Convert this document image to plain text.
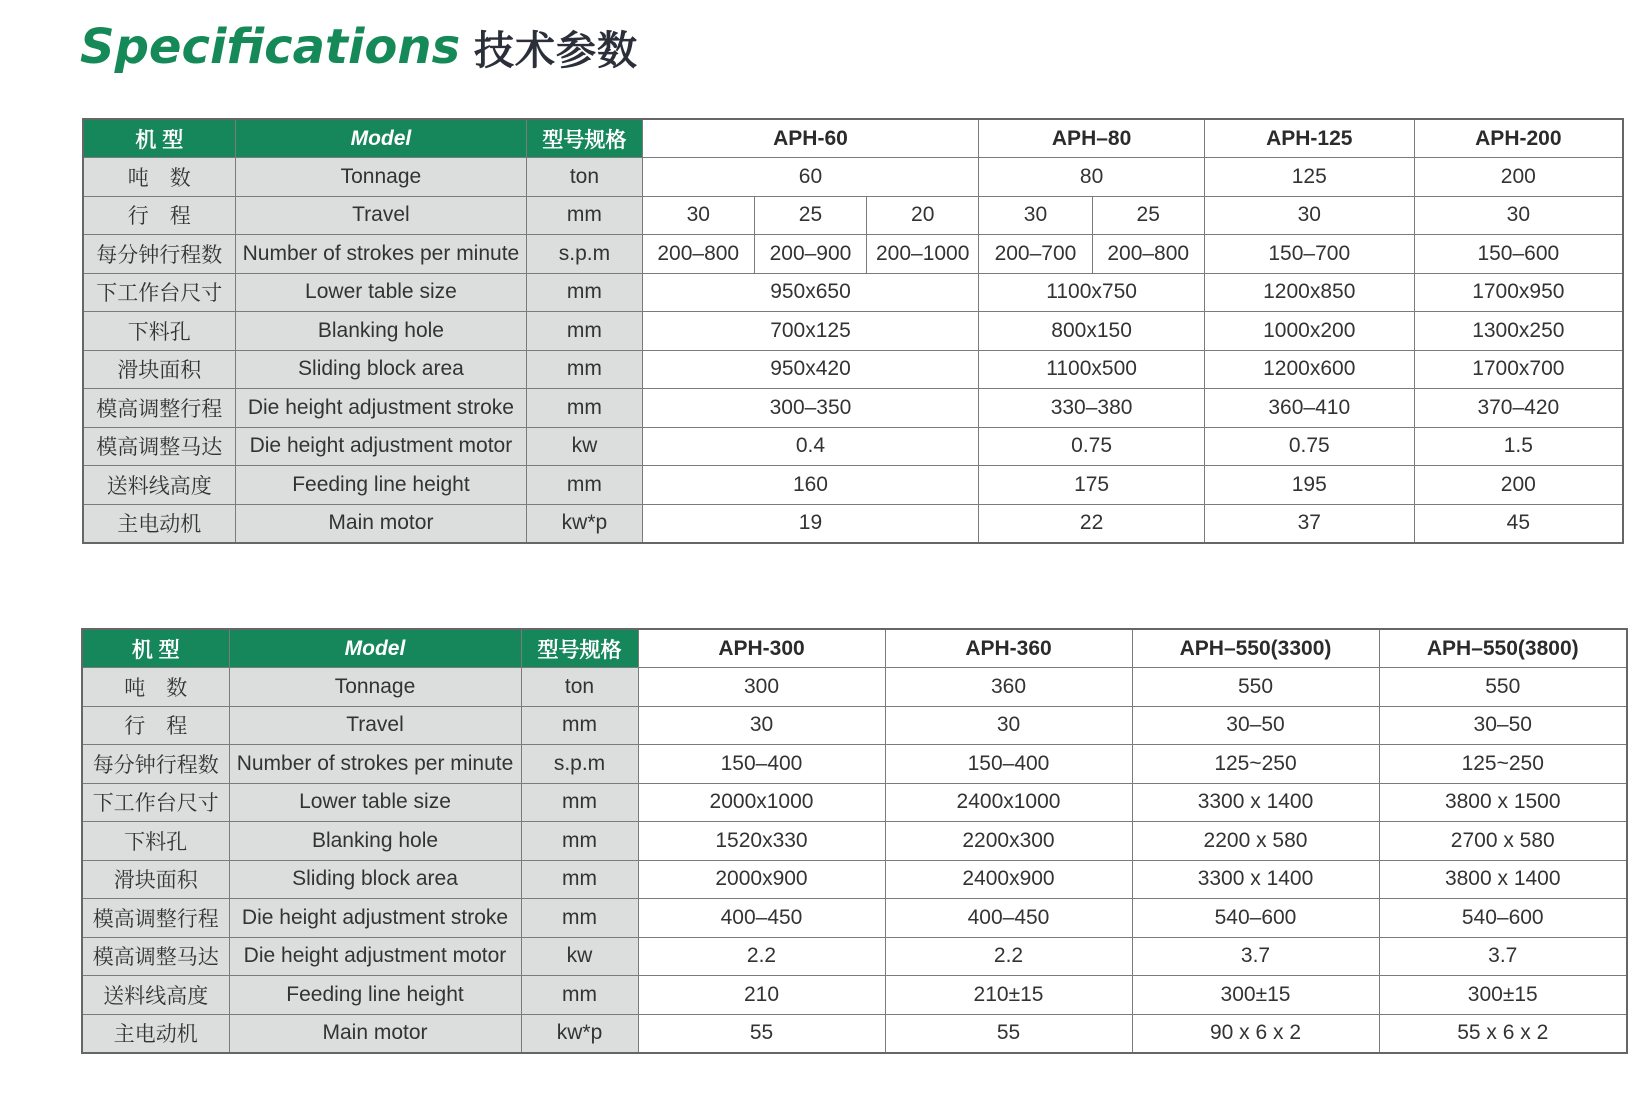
Specifications 技术参数
机 型	Model	型号规格	APH-60			APH–80		APH-125	APH-200
吨　数	Tonnage	ton	60			80		125	200
行　程	Travel	mm	30	25	20	30	25	30	30
每分钟行程数	Number of strokes per minute	s.p.m	200–800	200–900	200–1000	200–700	200–800	150–700	150–600
下工作台尺寸	Lower table size	mm	950x650			1100x750		1200x850	1700x950
下料孔	Blanking hole	mm	700x125			800x150		1000x200	1300x250
滑块面积	Sliding block area	mm	950x420			1100x500		1200x600	1700x700
模高调整行程	Die height adjustment stroke	mm	300–350			330–380		360–410	370–420
模高调整马达	Die height adjustment motor	kw	0.4			0.75		0.75	1.5
送料线高度	Feeding line height	mm	160			175		195	200
主电动机	Main motor	kw*p	19			22		37	45
机 型	Model	型号规格	APH-300	APH-360	APH–550(3300)	APH–550(3800)
吨　数	Tonnage	ton	300	360	550	550
行　程	Travel	mm	30	30	30–50	30–50
每分钟行程数	Number of strokes per minute	s.p.m	150–400	150–400	125~250	125~250
下工作台尺寸	Lower table size	mm	2000x1000	2400x1000	3300 x 1400	3800 x 1500
下料孔	Blanking hole	mm	1520x330	2200x300	2200 x 580	2700 x 580
滑块面积	Sliding block area	mm	2000x900	2400x900	3300 x 1400	3800 x 1400
模高调整行程	Die height adjustment stroke	mm	400–450	400–450	540–600	540–600
模高调整马达	Die height adjustment motor	kw	2.2	2.2	3.7	3.7
送料线高度	Feeding line height	mm	210	210±15	300±15	300±15
主电动机	Main motor	kw*p	55	55	90 x 6 x 2	55 x 6 x 2
